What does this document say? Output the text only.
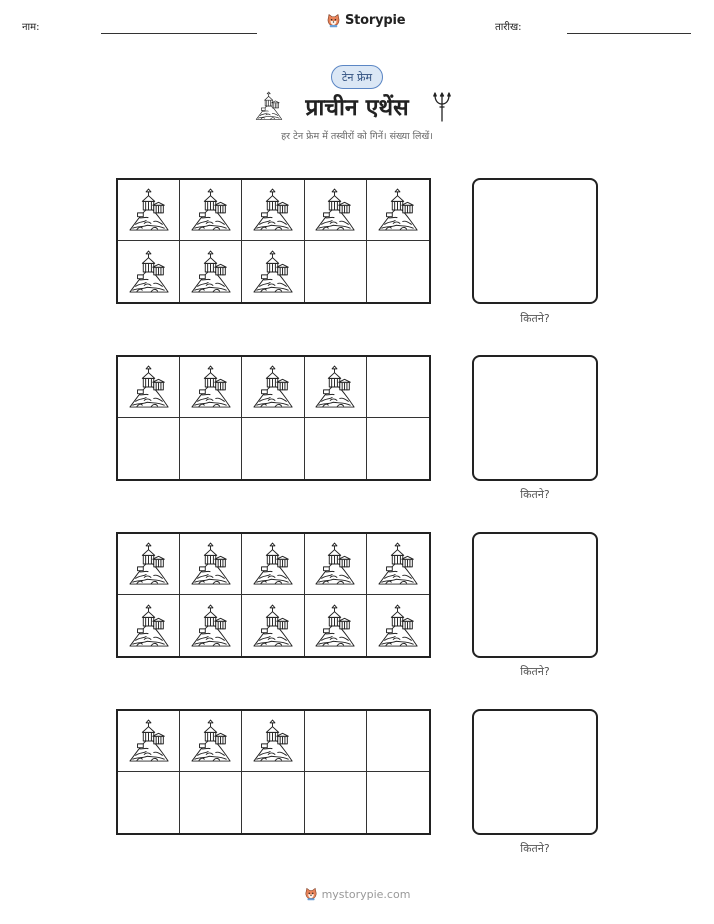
नाम:	Storypie	तारीख:
टेन फ्रेम
प्राचीन एथेंस
हर टेन फ्रेम में तस्वीरों को गिनें। संख्या लिखें।
कितने?
कितने?
कितने?
कितने?
mystorypie.com
